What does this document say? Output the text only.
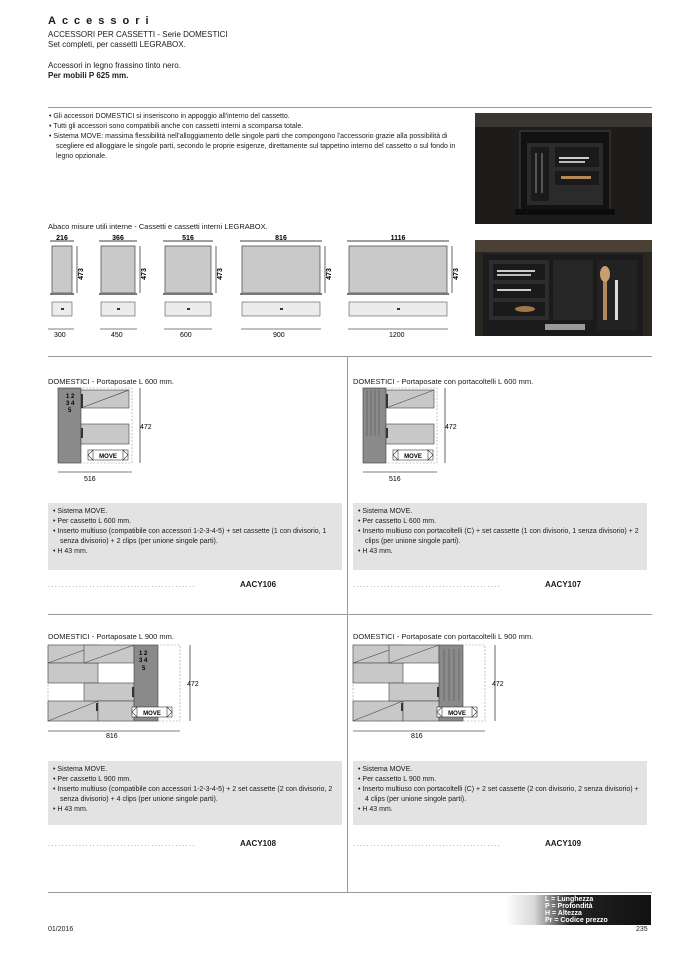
Accessori
ACCESSORI PER CASSETTI - Serie DOMESTICI
Set completi, per cassetti LEGRABOX.
Accessori in legno frassino tinto nero.
Per mobili P 625 mm.
• Gli accessori DOMESTICI si inseriscono in appoggio all'interno del cassetto.
• Tutti gli accessori sono compatibili anche con cassetti interni a scomparsa totale.
• Sistema MOVE: massima flessibilità nell'alloggiamento delle singole parti che compongono l'accessorio grazie alla possibilità di scegliere ed alloggiare le singole parti, secondo le proprie esigenze, direttamente sul tappetino interno del cassetto o sul fondo in legno opzionale.
Abaco misure utili interne - Cassetti e cassetti interni LEGRABOX.
216
473
300
366
473
450
516
473
600
816
473
900
1116
473
1200
DOMESTICI - Portaposate L 600 mm.
1 2
3 4
5
MOVE
472
516
• Sistema MOVE.
• Per cassetto L 600 mm.
• Inserto multiuso (compatibile con accessori 1-2-3-4-5) + set cassette (1 con divisorio, 1 senza divisorio) + 2 clips (per unione singole parti).
• H 43 mm.
...........................................	AACY106
DOMESTICI - Portaposate con portacoltelli L 600 mm.
MOVE
472
516
• Sistema MOVE.
• Per cassetto L 600 mm.
• Inserto multiuso con portacoltelli (C) + set cassette (1 con divisorio, 1 senza divisorio) + 2 clips (per unione singole parti).
• H 43 mm.
...........................................	AACY107
DOMESTICI - Portaposate L 900 mm.
1 2
3 4
5
MOVE
472
816
• Sistema MOVE.
• Per cassetto L 900 mm.
• Inserto multiuso (compatibile con accessori 1-2-3-4-5) + 2 set cassette (2 con divisorio, 2 senza divisorio) + 4 clips (per unione singole parti).
• H 43 mm.
...........................................	AACY108
DOMESTICI - Portaposate con portacoltelli L 900 mm.
MOVE
472
816
• Sistema MOVE.
• Per cassetto L 900 mm.
• Inserto multiuso con portacoltelli (C) + 2 set cassette (2 con divisorio, 2 senza divisorio) + 4 clips (per unione singole parti).
• H 43 mm.
...........................................	AACY109
L = Lunghezza
P = Profondità
H = Altezza
Pr = Codice prezzo
01/2016	235
